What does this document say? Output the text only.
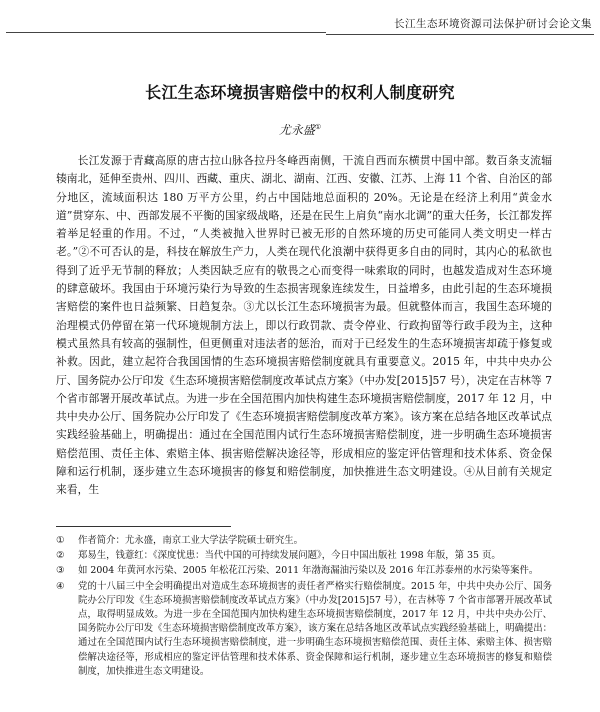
长江生态环境资源司法保护研讨会论文集
长江生态环境损害赔偿中的权利人制度研究
尤永盛①

长江发源于青藏高原的唐古拉山脉各拉丹冬峰西南侧，干流自西而东横贯中国中部。数百条支流辐辏南北，延伸至贵州、四川、西藏、重庆、湖北、湖南、江西、安徽、江苏、上海 11 个省、自治区的部分地区，流域面积达 180 万平方公里，约占中国陆地总面积的 20%。无论是在经济上利用“黄金水道”贯穿东、中、西部发展不平衡的国家级战略，还是在民生上肩负“南水北调”的重大任务，长江都发挥着举足轻重的作用。不过，“人类被抛入世界时已被无形的自然环境的历史可能同人类文明史一样古老。”②不可否认的是，科技在解放生产力，人类在现代化浪潮中获得更多自由的同时，其内心的私欲也得到了近乎无节制的释放；人类因缺乏应有的敬畏之心而变得一味索取的同时，也越发造成对生态环境的肆意破坏。我国由于环境污染行为导致的生态损害现象连续发生，日益增多，由此引起的生态环境损害赔偿的案件也日益频繁、日趋复杂。③尤以长江生态环境损害为最。但就整体而言，我国生态环境的治理模式仍停留在第一代环境规制方法上，即以行政罚款、责令停业、行政拘留等行政手段为主，这种模式虽然具有较高的强制性，但更侧重对违法者的惩治，而对于已经发生的生态环境损害却疏于修复或补救。因此，建立起符合我国国情的生态环境损害赔偿制度就具有重要意义。2015 年，中共中央办公厅、国务院办公厅印发《生态环境损害赔偿制度改革试点方案》（中办发[2015]57 号），决定在吉林等 7 个省市部署开展改革试点。为进一步在全国范围内加快构建生态环境损害赔偿制度，2017 年 12 月，中共中央办公厅、国务院办公厅印发了《生态环境损害赔偿制度改革方案》。该方案在总结各地区改革试点实践经验基础上，明确提出：通过在全国范围内试行生态环境损害赔偿制度，进一步明确生态环境损害赔偿范围、责任主体、索赔主体、损害赔偿解决途径等，形成相应的鉴定评估管理和技术体系、资金保障和运行机制，逐步建立生态环境损害的修复和赔偿制度，加快推进生态文明建设。④从目前有关规定来看，生

①	作者简介：尤永盛，南京工业大学法学院硕士研究生。
②	郑易生，钱薏红：《深度忧患：当代中国的可持续发展问题》，今日中国出版社 1998 年版，第 35 页。
③	如 2004 年黄河水污染、2005 年松花江污染、2011 年渤海漏油污染以及 2016 年江苏泰州的水污染等案件。
④	党的十八届三中全会明确提出对造成生态环境损害的责任者严格实行赔偿制度。2015 年，中共中央办公厅、国务院办公厅印发《生态环境损害赔偿制度改革试点方案》（中办发[2015]57 号），在吉林等 7 个省市部署开展改革试点，取得明显成效。为进一步在全国范围内加快构建生态环境损害赔偿制度，2017 年 12 月，中共中央办公厅、国务院办公厅印发《生态环境损害赔偿制度改革方案》，该方案在总结各地区改革试点实践经验基础上，明确提出：通过在全国范围内试行生态环境损害赔偿制度，进一步明确生态环境损害赔偿范围、责任主体、索赔主体、损害赔偿解决途径等，形成相应的鉴定评估管理和技术体系、资金保障和运行机制，逐步建立生态环境损害的修复和赔偿制度，加快推进生态文明建设。
